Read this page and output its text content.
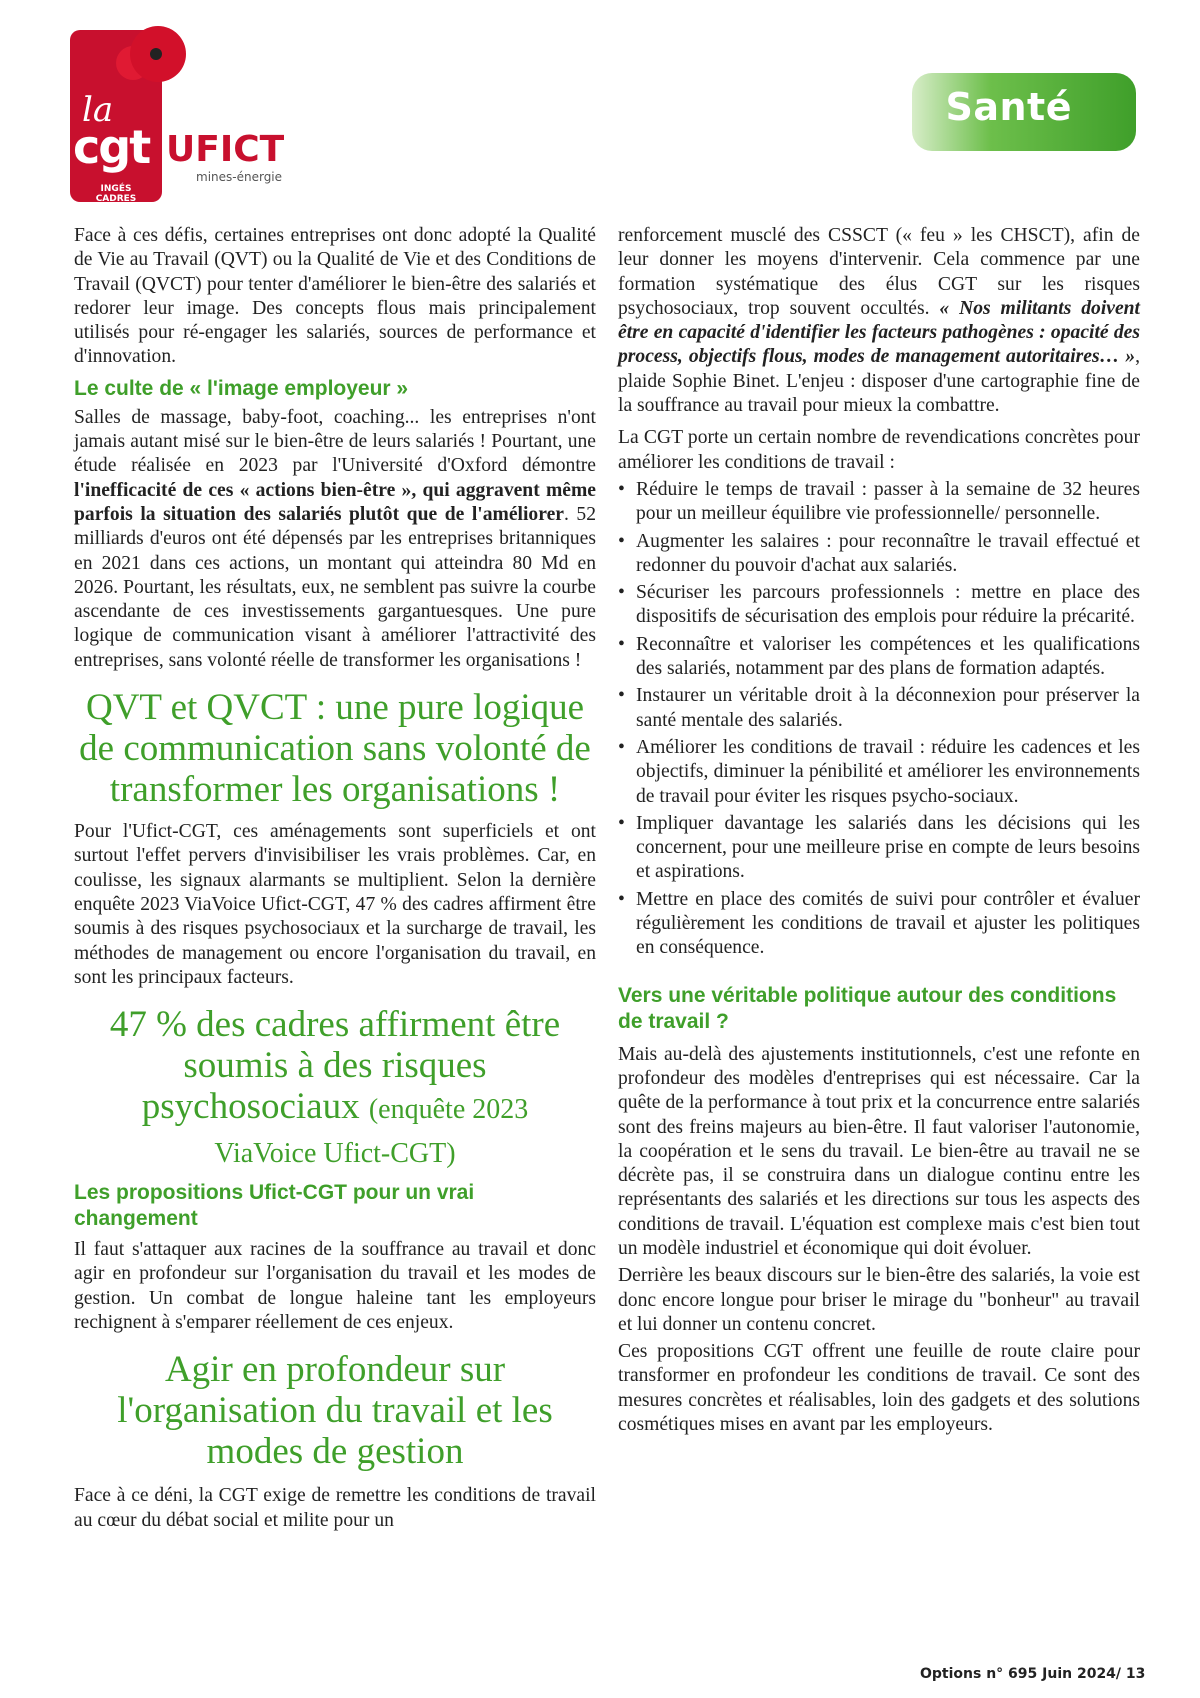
la
cgt UFICT
mines-énergie
INGÉS
CADRES
TECHS
Santé

Face à ces défis, certaines entreprises ont donc adopté la Qualité de Vie au Travail (QVT) ou la Qualité de Vie et des Conditions de Travail (QVCT) pour tenter d'améliorer le bien-être des salariés et redorer leur image. Des concepts flous mais principalement utilisés pour ré-engager les salariés, sources de performance et d'innovation.

Le culte de « l'image employeur »

Salles de massage, baby-foot, coaching... les entreprises n'ont jamais autant misé sur le bien-être de leurs salariés ! Pourtant, une étude réalisée en 2023 par l'Université d'Oxford démontre l'inefficacité de ces « actions bien-être », qui aggravent même parfois la situation des salariés plutôt que de l'améliorer. 52 milliards d'euros ont été dépensés par les entreprises britanniques en 2021 dans ces actions, un montant qui atteindra 80 Md en 2026. Pourtant, les résultats, eux, ne semblent pas suivre la courbe ascendante de ces investissements gargantuesques. Une pure logique de communication visant à améliorer l'attractivité des entreprises, sans volonté réelle de transformer les organisations !

QVT et QVCT : une pure logique de communication sans volonté de transformer les organisations !

Pour l'Ufict-CGT, ces aménagements sont superficiels et ont surtout l'effet pervers d'invisibiliser les vrais problèmes. Car, en coulisse, les signaux alarmants se multiplient. Selon la dernière enquête 2023 ViaVoice Ufict-CGT, 47 % des cadres affirment être soumis à des risques psychosociaux et la surcharge de travail, les méthodes de management ou encore l'organisation du travail, en sont les principaux facteurs.

47 % des cadres affirment être soumis à des risques psychosociaux (enquête 2023
ViaVoice Ufict-CGT)
Les propositions Ufict-CGT pour un vrai changement

Il faut s'attaquer aux racines de la souffrance au travail et donc agir en profondeur sur l'organisation du travail et les modes de gestion. Un combat de longue haleine tant les employeurs rechignent à s'emparer réellement de ces enjeux.

Agir en profondeur sur l'organisation du travail et les modes de gestion

Face à ce déni, la CGT exige de remettre les conditions de travail au cœur du débat social et milite pour un

renforcement musclé des CSSCT (« feu » les CHSCT), afin de leur donner les moyens d'intervenir. Cela commence par une formation systématique des élus CGT sur les risques psychosociaux, trop souvent occultés. « Nos militants doivent être en capacité d'identifier les facteurs pathogènes : opacité des process, objectifs flous, modes de management autoritaires… », plaide Sophie Binet. L'enjeu : disposer d'une cartographie fine de la souffrance au travail pour mieux la combattre.

La CGT porte un certain nombre de revendications concrètes pour améliorer les conditions de travail :

• Réduire le temps de travail : passer à la semaine de 32 heures pour un meilleur équilibre vie professionnelle/ personnelle.
• Augmenter les salaires : pour reconnaître le travail effectué et redonner du pouvoir d'achat aux salariés.
• Sécuriser les parcours professionnels : mettre en place des dispositifs de sécurisation des emplois pour réduire la précarité.
• Reconnaître et valoriser les compétences et les qualifications des salariés, notamment par des plans de formation adaptés.
• Instaurer un véritable droit à la déconnexion pour préserver la santé mentale des salariés.
• Améliorer les conditions de travail : réduire les cadences et les objectifs, diminuer la pénibilité et améliorer les environnements de travail pour éviter les risques psycho-sociaux.
• Impliquer davantage les salariés dans les décisions qui les concernent, pour une meilleure prise en compte de leurs besoins et aspirations.
• Mettre en place des comités de suivi pour contrôler et évaluer régulièrement les conditions de travail et ajuster les politiques en conséquence.
Vers une véritable politique autour des conditions de travail ?

Mais au-delà des ajustements institutionnels, c'est une refonte en profondeur des modèles d'entreprises qui est nécessaire. Car la quête de la performance à tout prix et la concurrence entre salariés sont des freins majeurs au bien-être. Il faut valoriser l'autonomie, la coopération et le sens du travail. Le bien-être au travail ne se décrète pas, il se construira dans un dialogue continu entre les représentants des salariés et les directions sur tous les aspects des conditions de travail. L'équation est complexe mais c'est bien tout un modèle industriel et économique qui doit évoluer.

Derrière les beaux discours sur le bien-être des salariés, la voie est donc encore longue pour briser le mirage du "bonheur" au travail et lui donner un contenu concret.

Ces propositions CGT offrent une feuille de route claire pour transformer en profondeur les conditions de travail. Ce sont des mesures concrètes et réalisables, loin des gadgets et des solutions cosmétiques mises en avant par les employeurs.

Options n° 695 Juin 2024/ 13
